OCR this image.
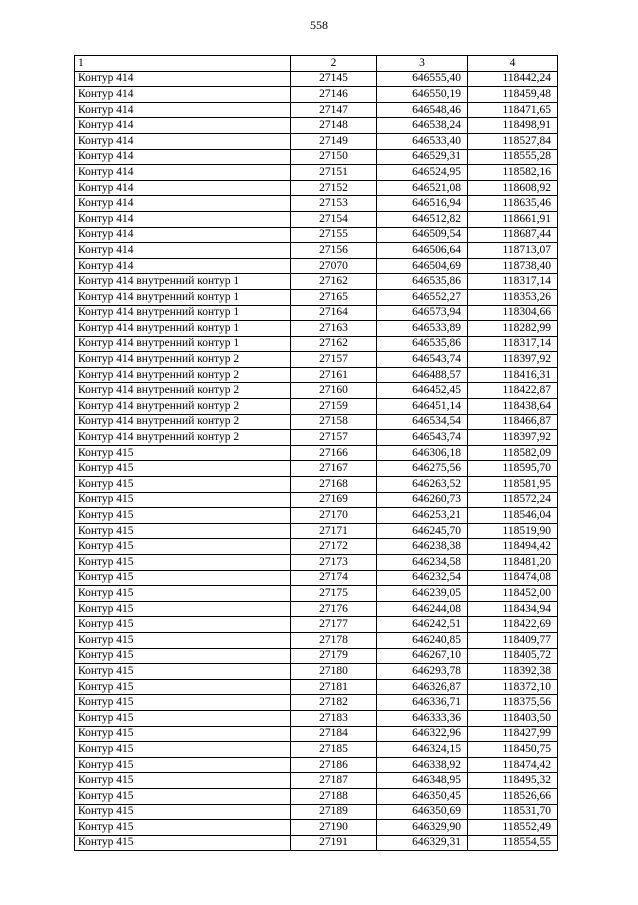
558
1	2	3	4
Контур 414	27145	646555,40	118442,24
Контур 414	27146	646550,19	118459,48
Контур 414	27147	646548,46	118471,65
Контур 414	27148	646538,24	118498,91
Контур 414	27149	646533,40	118527,84
Контур 414	27150	646529,31	118555,28
Контур 414	27151	646524,95	118582,16
Контур 414	27152	646521,08	118608,92
Контур 414	27153	646516,94	118635,46
Контур 414	27154	646512,82	118661,91
Контур 414	27155	646509,54	118687,44
Контур 414	27156	646506,64	118713,07
Контур 414	27070	646504,69	118738,40
Контур 414 внутренний контур 1	27162	646535,86	118317,14
Контур 414 внутренний контур 1	27165	646552,27	118353,26
Контур 414 внутренний контур 1	27164	646573,94	118304,66
Контур 414 внутренний контур 1	27163	646533,89	118282,99
Контур 414 внутренний контур 1	27162	646535,86	118317,14
Контур 414 внутренний контур 2	27157	646543,74	118397,92
Контур 414 внутренний контур 2	27161	646488,57	118416,31
Контур 414 внутренний контур 2	27160	646452,45	118422,87
Контур 414 внутренний контур 2	27159	646451,14	118438,64
Контур 414 внутренний контур 2	27158	646534,54	118466,87
Контур 414 внутренний контур 2	27157	646543,74	118397,92
Контур 415	27166	646306,18	118582,09
Контур 415	27167	646275,56	118595,70
Контур 415	27168	646263,52	118581,95
Контур 415	27169	646260,73	118572,24
Контур 415	27170	646253,21	118546,04
Контур 415	27171	646245,70	118519,90
Контур 415	27172	646238,38	118494,42
Контур 415	27173	646234,58	118481,20
Контур 415	27174	646232,54	118474,08
Контур 415	27175	646239,05	118452,00
Контур 415	27176	646244,08	118434,94
Контур 415	27177	646242,51	118422,69
Контур 415	27178	646240,85	118409,77
Контур 415	27179	646267,10	118405,72
Контур 415	27180	646293,78	118392,38
Контур 415	27181	646326,87	118372,10
Контур 415	27182	646336,71	118375,56
Контур 415	27183	646333,36	118403,50
Контур 415	27184	646322,96	118427,99
Контур 415	27185	646324,15	118450,75
Контур 415	27186	646338,92	118474,42
Контур 415	27187	646348,95	118495,32
Контур 415	27188	646350,45	118526,66
Контур 415	27189	646350,69	118531,70
Контур 415	27190	646329,90	118552,49
Контур 415	27191	646329,31	118554,55
